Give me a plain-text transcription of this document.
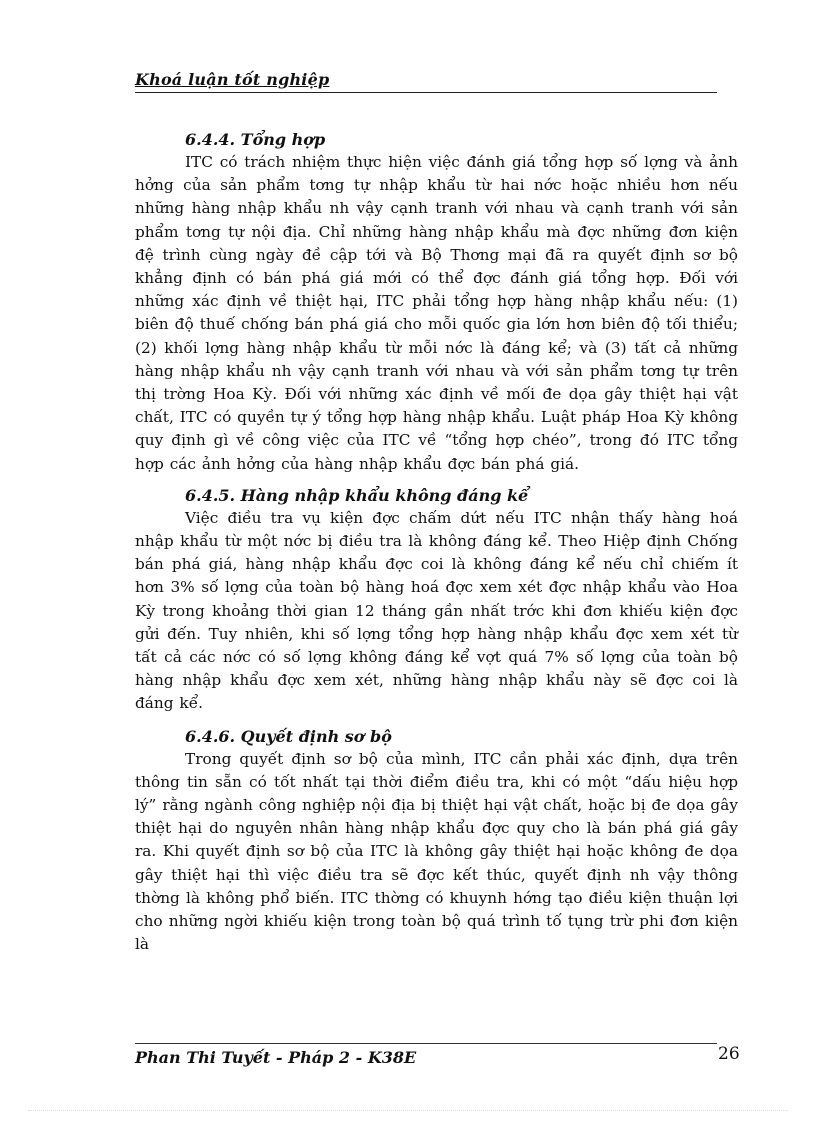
Khoá luận tốt nghiệp

6.4.4. Tổng hợp

ITC có trách nhiệm thực hiện việc đánh giá tổng hợp số lợng và ảnh hởng của sản phẩm tơng tự nhập khẩu từ hai nớc hoặc nhiều hơn nếu những hàng nhập khẩu nh vậy cạnh tranh với nhau và cạnh tranh với sản phẩm tơng tự nội địa. Chỉ những hàng nhập khẩu mà đợc những đơn kiện đệ trình cùng ngày đề cập tới và Bộ Thơng mại đã ra quyết định sơ bộ khẳng định có bán phá giá mới có thể đợc đánh giá tổng hợp. Đối với những xác định về thiệt hại, ITC phải tổng hợp hàng nhập khẩu nếu: (1) biên độ thuế chống bán phá giá cho mỗi quốc gia lớn hơn biên độ tối thiểu; (2) khối lợng hàng nhập khẩu từ mỗi nớc là đáng kể; và (3) tất cả những hàng nhập khẩu nh vậy cạnh tranh với nhau và với sản phẩm tơng tự trên thị trờng Hoa Kỳ. Đối với những xác định về mối đe dọa gây thiệt hại vật chất, ITC có quyền tự ý tổng hợp hàng nhập khẩu. Luật pháp Hoa Kỳ không quy định gì về công việc của ITC về “tổng hợp chéo”, trong đó ITC tổng hợp các ảnh hởng của hàng nhập khẩu đợc bán phá giá.

6.4.5. Hàng nhập khẩu không đáng kể

Việc điều tra vụ kiện đợc chấm dứt nếu ITC nhận thấy hàng hoá nhập khẩu từ một nớc bị điều tra là không đáng kể. Theo Hiệp định Chống bán phá giá, hàng nhập khẩu đợc coi là không đáng kể nếu chỉ chiếm ít hơn 3% số lợng của toàn bộ hàng hoá đợc xem xét đợc nhập khẩu vào Hoa Kỳ trong khoảng thời gian 12 tháng gần nhất trớc khi đơn khiếu kiện đợc gửi đến. Tuy nhiên, khi số lợng tổng hợp hàng nhập khẩu đợc xem xét từ tất cả các nớc có số lợng không đáng kể vợt quá 7% số lợng của toàn bộ hàng nhập khẩu đợc xem xét, những hàng nhập khẩu này sẽ đợc coi là đáng kể.

6.4.6. Quyết định sơ bộ

Trong quyết định sơ bộ của mình, ITC cần phải xác định, dựa trên thông tin sẵn có tốt nhất tại thời điểm điều tra, khi có một “dấu hiệu hợp lý” rằng ngành công nghiệp nội địa bị thiệt hại vật chất, hoặc bị đe dọa gây thiệt hại do nguyên nhân hàng nhập khẩu đợc quy cho là bán phá giá gây ra. Khi quyết định sơ bộ của ITC là không gây thiệt hại hoặc không đe dọa gây thiệt hại thì việc điều tra sẽ đợc kết thúc, quyết định nh vậy thông thờng là không phổ biến. ITC thờng có khuynh hớng tạo điều kiện thuận lợi cho những ngời khiếu kiện trong toàn bộ quá trình tố tụng trừ phi đơn kiện là

Phan Thi Tuyết - Pháp 2 - K38E	26
